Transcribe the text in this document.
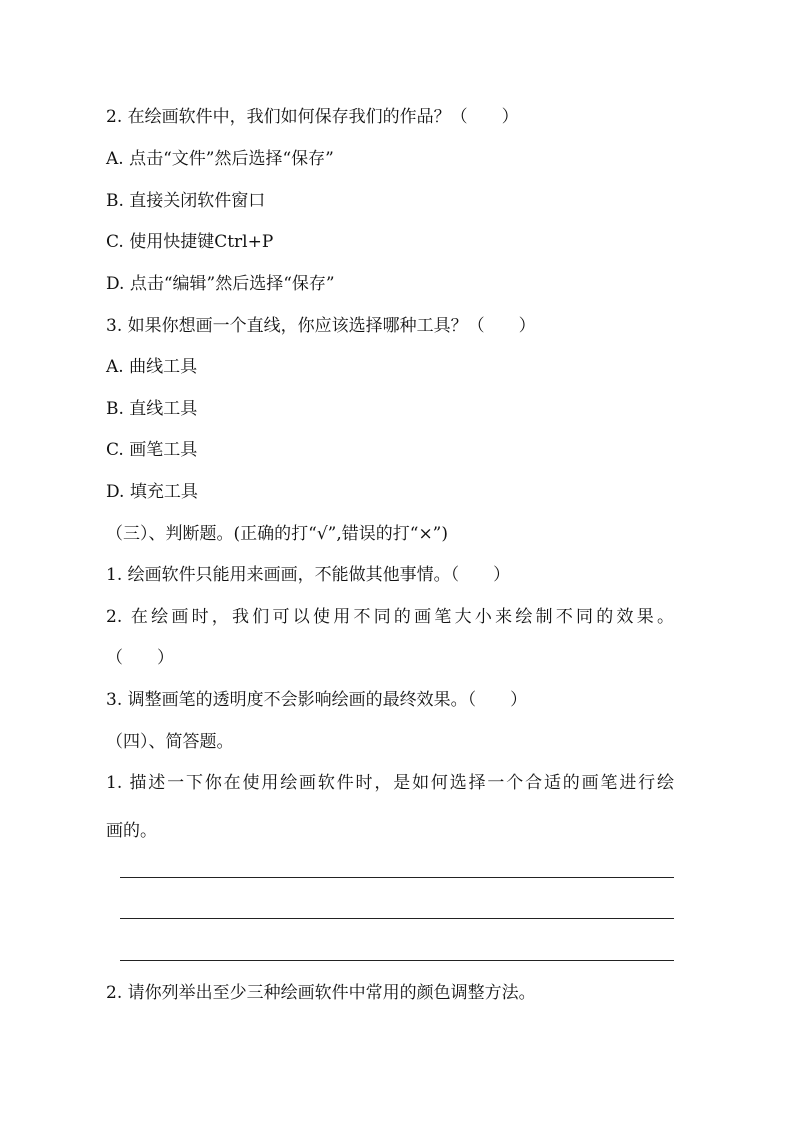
2. 在绘画软件中，我们如何保存我们的作品？（　　）
A. 点击“文件”然后选择“保存”
B. 直接关闭软件窗口
C. 使用快捷键Ctrl+P
D. 点击“编辑”然后选择“保存”
3. 如果你想画一个直线，你应该选择哪种工具？（　　）
A. 曲线工具
B. 直线工具
C. 画笔工具
D. 填充工具
（三）、判断题。(正确的打“√”,错误的打“×”)
1. 绘画软件只能用来画画，不能做其他事情。（　　）
2. 在绘画时，我们可以使用不同的画笔大小来绘制不同的效果。
（　　）
3. 调整画笔的透明度不会影响绘画的最终效果。（　　）
（四）、简答题。
1. 描述一下你在使用绘画软件时，是如何选择一个合适的画笔进行绘
画的。
2. 请你列举出至少三种绘画软件中常用的颜色调整方法。
